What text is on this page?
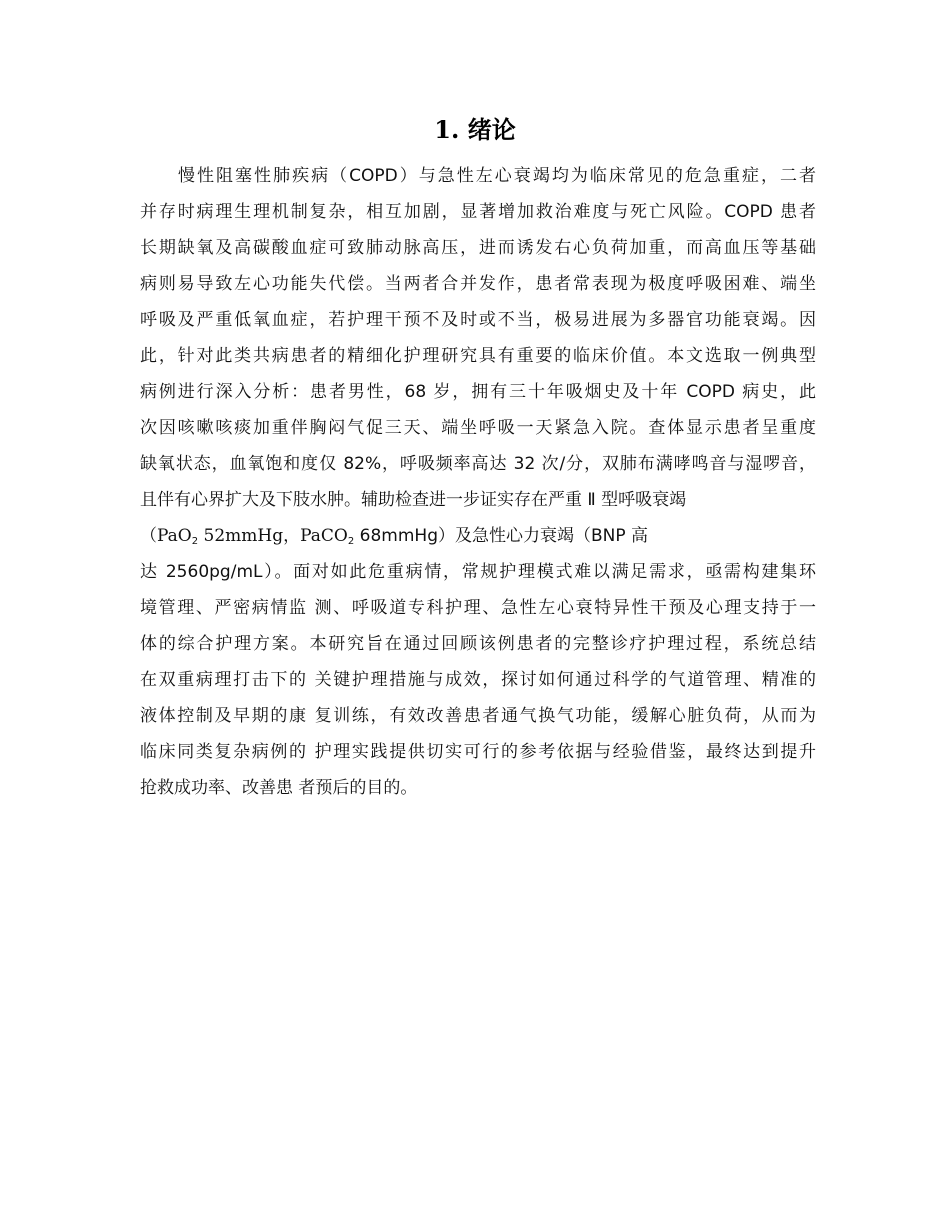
1. 绪论
慢性阻塞性肺疾病（COPD）与急性左心衰竭均为临床常见的危急重症，二者
并存时病理生理机制复杂，相互加剧，显著增加救治难度与死亡风险。COPD 患者
长期缺氧及高碳酸血症可致肺动脉高压，进而诱发右心负荷加重，而高血压等基础
病则易导致左心功能失代偿。当两者合并发作，患者常表现为极度呼吸困难、端坐
呼吸及严重低氧血症，若护理干预不及时或不当，极易进展为多器官功能衰竭。因
此，针对此类共病患者的精细化护理研究具有重要的临床价值。本文选取一例典型
病例进行深入分析：患者男性，68 岁，拥有三十年吸烟史及十年 COPD 病史，此
次因咳嗽咳痰加重伴胸闷气促三天、端坐呼吸一天紧急入院。查体显示患者呈重度
缺氧状态，血氧饱和度仅 82%，呼吸频率高达 32 次/分，双肺布满哮鸣音与湿啰音，
且伴有心界扩大及下肢水肿。辅助检查进一步证实存在严重 Ⅱ 型呼吸衰竭
（PaO$_2$ 52mmHg，PaCO$_2$ 68mmHg）及急性心力衰竭（BNP 高
达 2560pg/mL）。面对如此危重病情，常规护理模式难以满足需求，亟需构建集环
境管理、严密病情监 测、呼吸道专科护理、急性左心衰特异性干预及心理支持于一
体的综合护理方案。本研究旨在通过回顾该例患者的完整诊疗护理过程，系统总结
在双重病理打击下的 关键护理措施与成效，探讨如何通过科学的气道管理、精准的
液体控制及早期的康 复训练，有效改善患者通气换气功能，缓解心脏负荷，从而为
临床同类复杂病例的 护理实践提供切实可行的参考依据与经验借鉴，最终达到提升
抢救成功率、改善患 者预后的目的。
